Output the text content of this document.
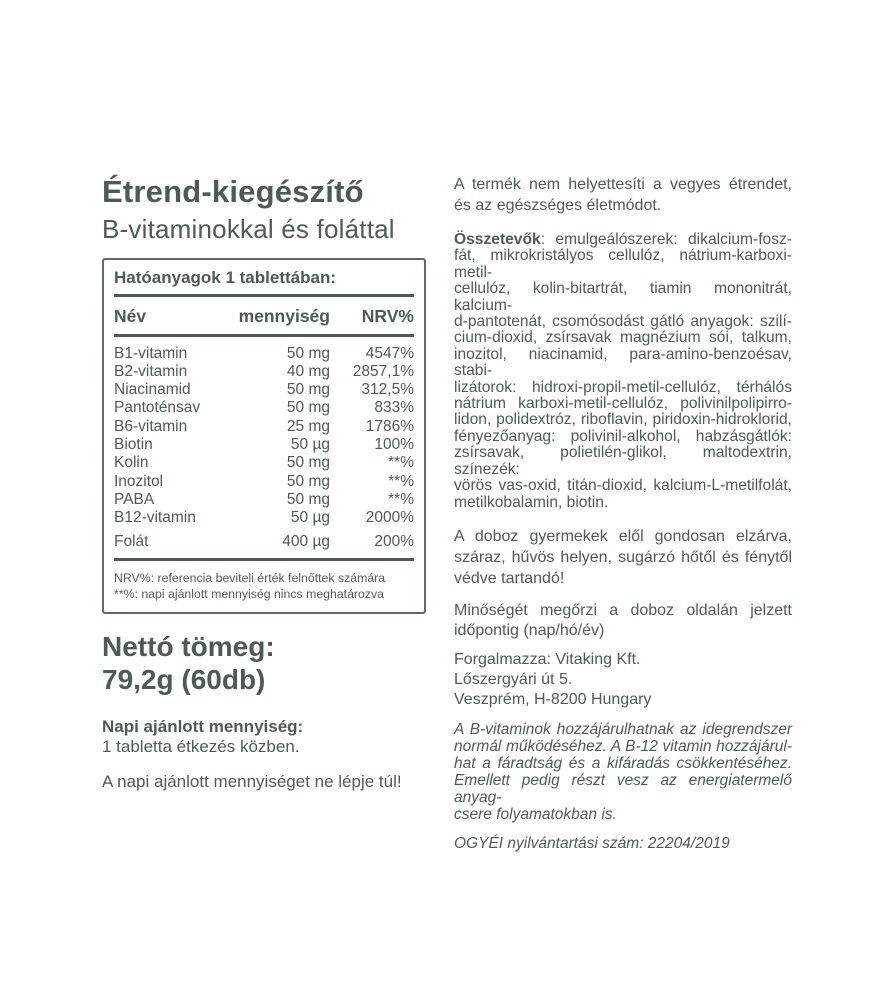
Étrend-kiegészítő
B-vitaminokkal és foláttal
Hatóanyagok 1 tablettában:
Név	mennyiség	NRV%
B1-vitamin	50 mg	4547%
B2-vitamin	40 mg	2857,1%
Niacinamid	50 mg	312,5%
Pantoténsav	50 mg	833%
B6-vitamin	25 mg	1786%
Biotin	50 µg	100%
Kolin	50 mg	**%
Inozitol	50 mg	**%
PABA	50 mg	**%
B12-vitamin	50 µg	2000%
Folát	400 µg	200%
NRV%: referencia beviteli érték felnőttek számára
**%: napi ajánlott mennyiség nincs meghatározva
Nettó tömeg:
79,2g (60db)
Napi ajánlott mennyiség:
1 tabletta étkezés közben.
A napi ajánlott mennyiséget ne lépje túl!
A termék nem helyettesíti a vegyes étrendet,
és az egészséges életmódot.
Összetevők: emulgeálószerek: dikalcium-fosz-
fát, mikrokristályos cellulóz, nátrium-karboxi-metil-
cellulóz, kolin-bitartrát, tiamin mononitrát, kalcium-
d-pantotenát, csomósodást gátló anyagok: szilí-
cium-dioxid, zsírsavak magnézium sói, talkum,
inozitol, niacinamid, para-amino-benzoésav, stabi-
lizátorok: hidroxi-propil-metil-cellulóz, térhálós
nátrium karboxi-metil-cellulóz, polivinilpolipirro-
lidon, polidextróz, riboflavin, piridoxin-hidroklorid,
fényezőanyag: polivinil-alkohol, habzásgátlók:
zsírsavak, polietilén-glikol, maltodextrin, színezék:
vörös vas-oxid, titán-dioxid, kalcium-L-metilfolát,
metilkobalamin, biotin.
A doboz gyermekek elől gondosan elzárva,
száraz, hűvös helyen, sugárzó hőtől és fénytől
védve tartandó!
Minőségét megőrzi a doboz oldalán jelzett
időpontig (nap/hó/év)
Forgalmazza: Vitaking Kft.
Lőszergyári út 5.
Veszprém, H-8200 Hungary
A B-vitaminok hozzájárulhatnak az idegrendszer
normál működéséhez. A B-12 vitamin hozzájárul-
hat a fáradtság és a kifáradás csökkentéséhez.
Emellett pedig részt vesz az energiatermelő anyag-
csere folyamatokban is.
OGYÉI nyilvántartási szám: 22204/2019
